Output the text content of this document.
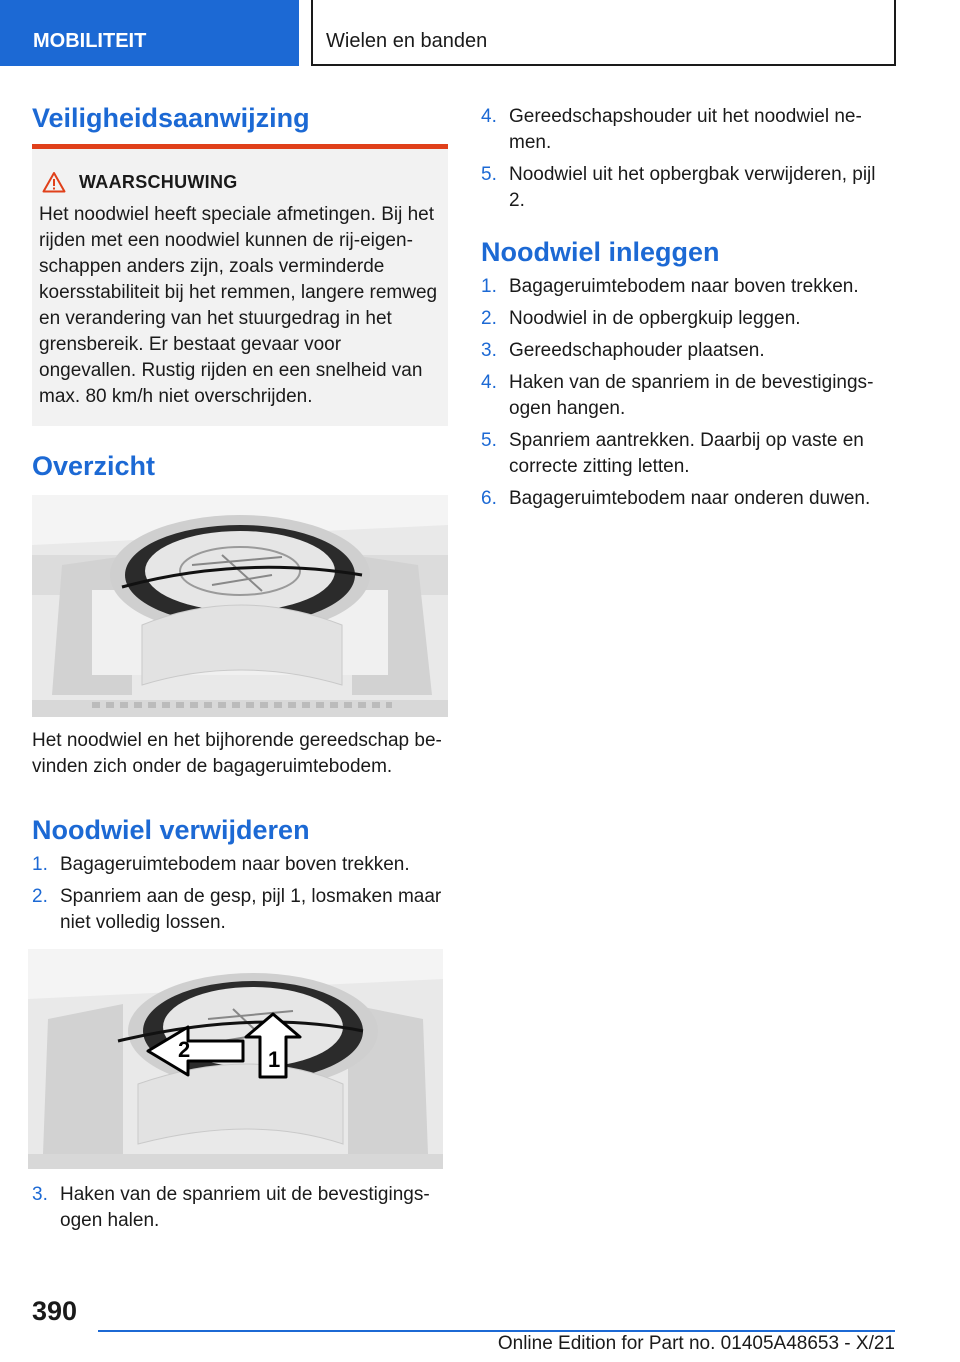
MOBILITEIT	Wielen en banden
Veiligheidsaanwijzing
WAARSCHUWING

Het noodwiel heeft speciale afmetingen. Bij het rijden met een noodwiel kunnen de rij-eigenschappen anders zijn, zoals verminderde koersstabiliteit bij het remmen, langere remweg en verandering van het stuurgedrag in het grensbereik. Er bestaat gevaar voor ongevallen. Rustig rijden en een snelheid van max. 80 km/h niet overschrijden.

Overzicht

Het noodwiel en het bijhorende gereedschap bevinden zich onder de bagageruimtebodem.

Noodwiel verwijderen
1. Bagageruimtebodem naar boven trekken.
2. Spanriem aan de gesp, pijl 1, losmaken maar niet volledig lossen.
2	1
3. Haken van de spanriem uit de bevestigingsogen halen.
4. Gereedschapshouder uit het noodwiel nemen.
5. Noodwiel uit het opbergbak verwijderen, pijl 2.
Noodwiel inleggen
1. Bagageruimtebodem naar boven trekken.
2. Noodwiel in de opbergkuip leggen.
3. Gereedschaphouder plaatsen.
4. Haken van de spanriem in de bevestigingsogen hangen.
5. Spanriem aantrekken. Daarbij op vaste en correcte zitting letten.
6. Bagageruimtebodem naar onderen duwen.
390
Online Edition for Part no. 01405A48653 - X/21
